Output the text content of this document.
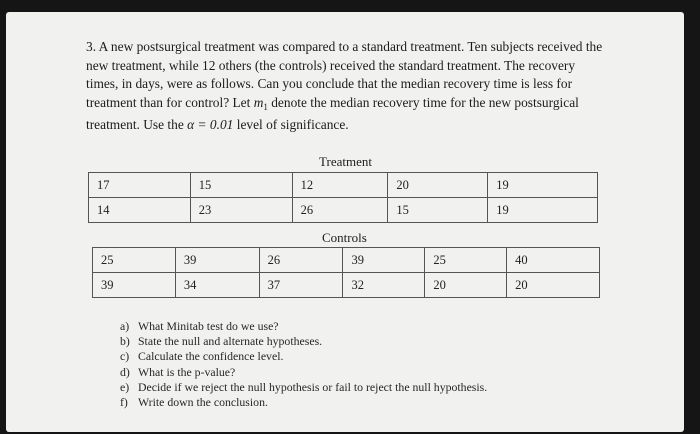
3. A new postsurgical treatment was compared to a standard treatment. Ten subjects received the

new treatment, while 12 others (the controls) received the standard treatment. The recovery

times, in days, were as follows. Can you conclude that the median recovery time is less for

treatment than for control? Let $m_1$ denote the median recovery time for the new postsurgical

treatment. Use the α = 0.01 level of significance.

Treatment
17	15	12	20	19
14	23	26	15	19
Controls
25	39	26	39	25	40
39	34	37	32	20	20
a) What Minitab test do we use?
b) State the null and alternate hypotheses.
c) Calculate the confidence level.
d) What is the p-value?
e) Decide if we reject the null hypothesis or fail to reject the null hypothesis.
f) Write down the conclusion.
